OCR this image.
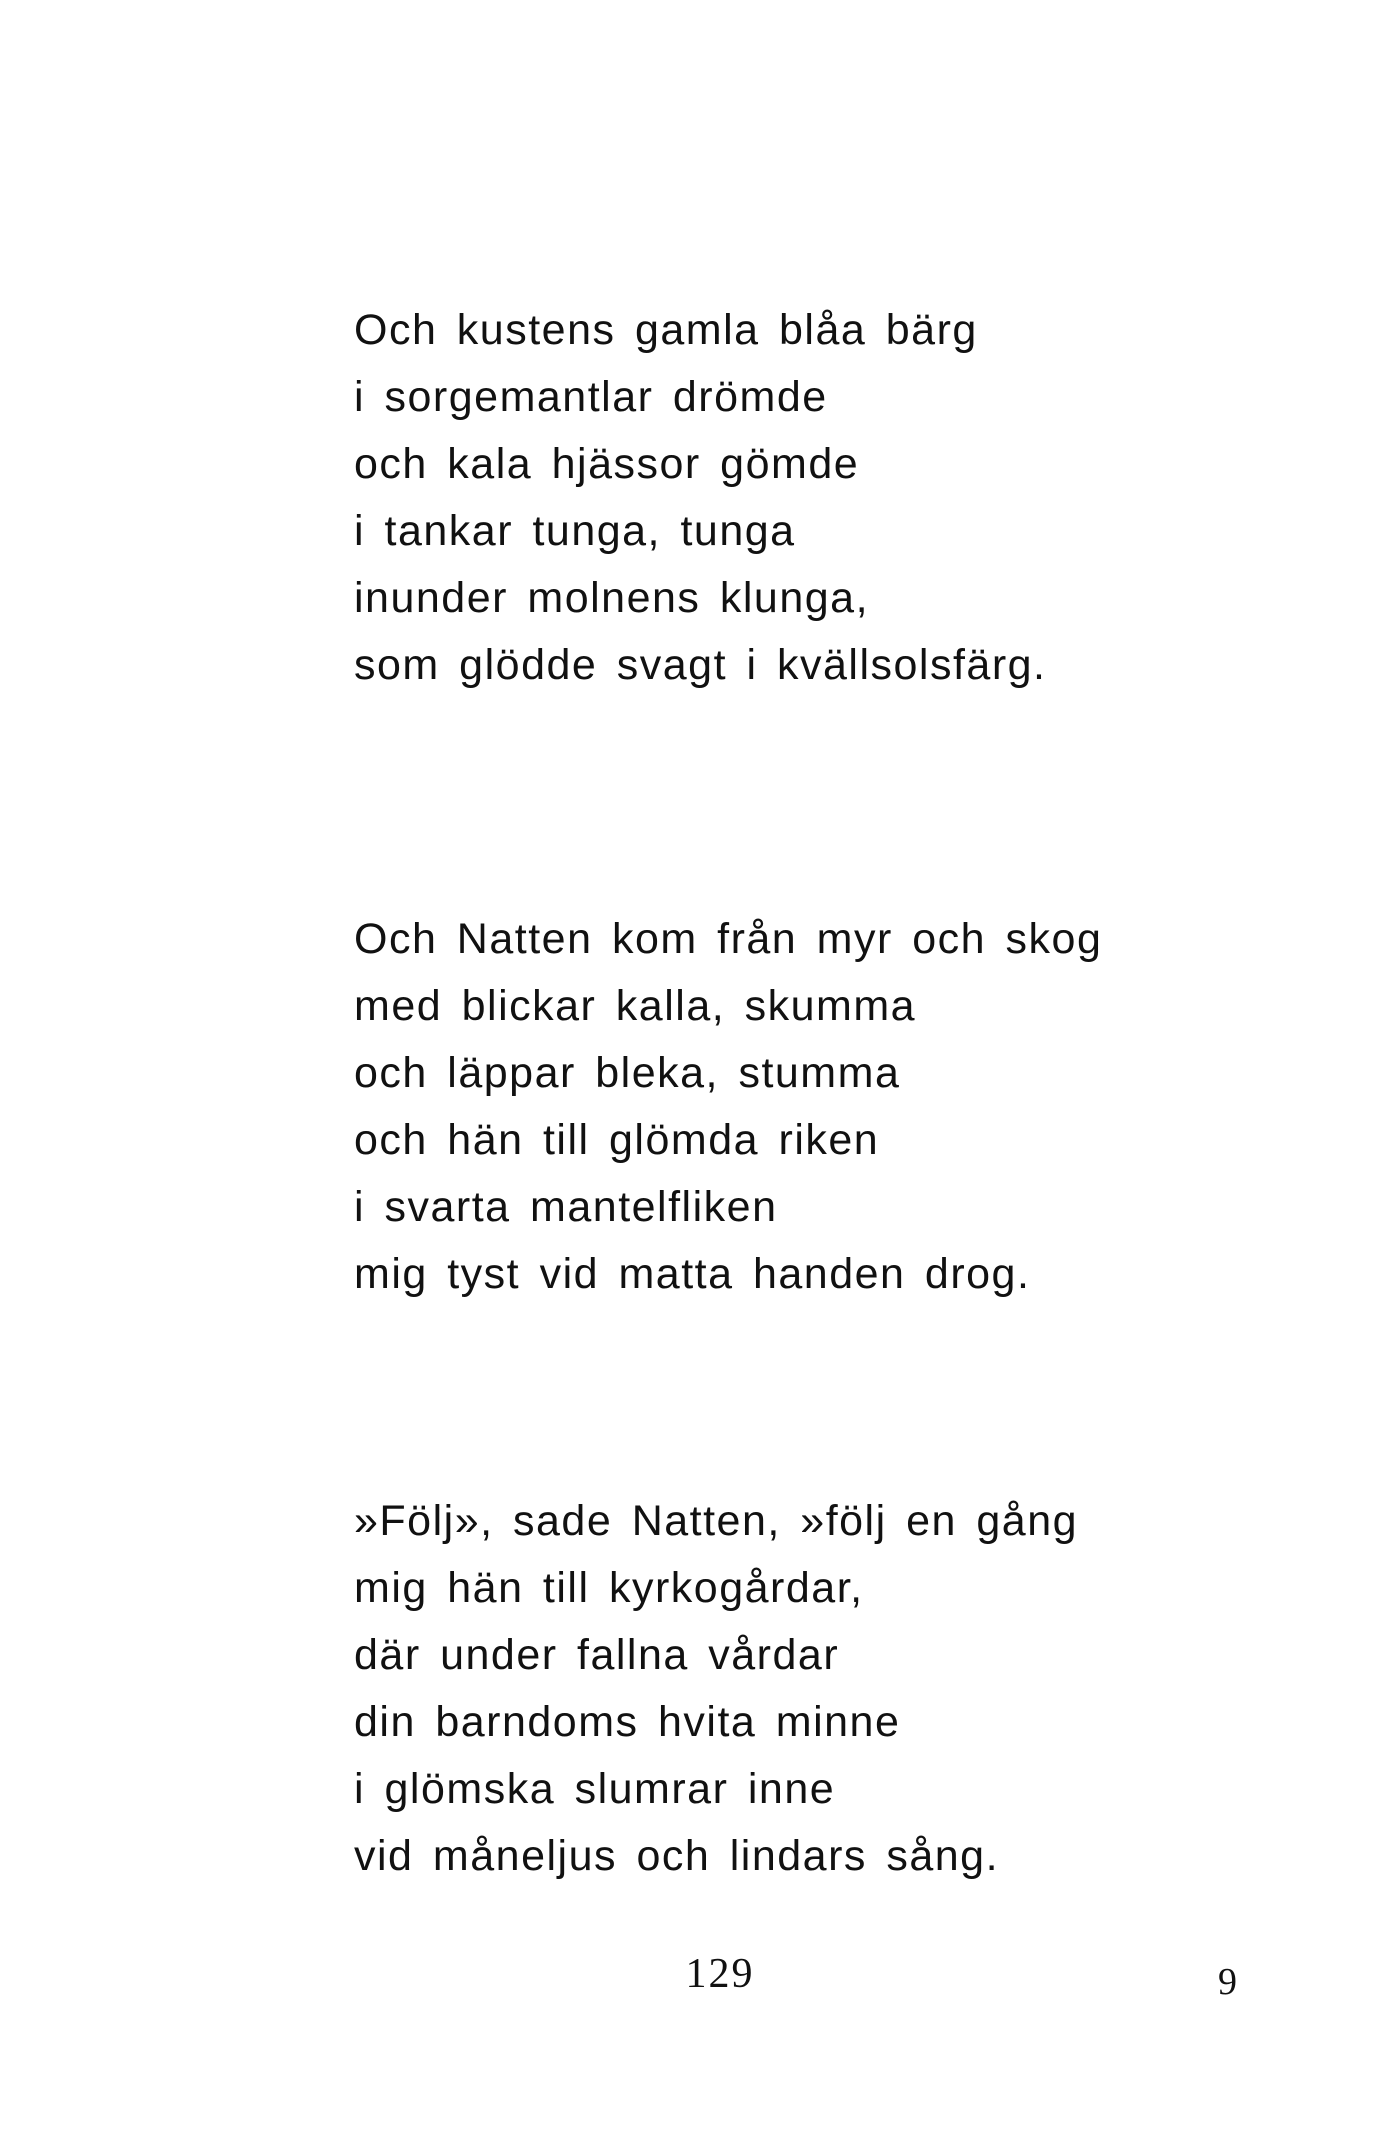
Och kustens gamla blåa bärg
i sorgemantlar drömde
och kala hjässor gömde
i tankar tunga, tunga
inunder molnens klunga,
som glödde svagt i kvällsolsfärg.
Och Natten kom från myr och skog
med blickar kalla, skumma
och läppar bleka, stumma
och hän till glömda riken
i svarta mantelfliken
mig tyst vid matta handen drog.
»Följ», sade Natten, »följ en gång
mig hän till kyrkogårdar,
där under fallna vårdar
din barndoms hvita minne
i glömska slumrar inne
vid måneljus och lindars sång.
129	9
